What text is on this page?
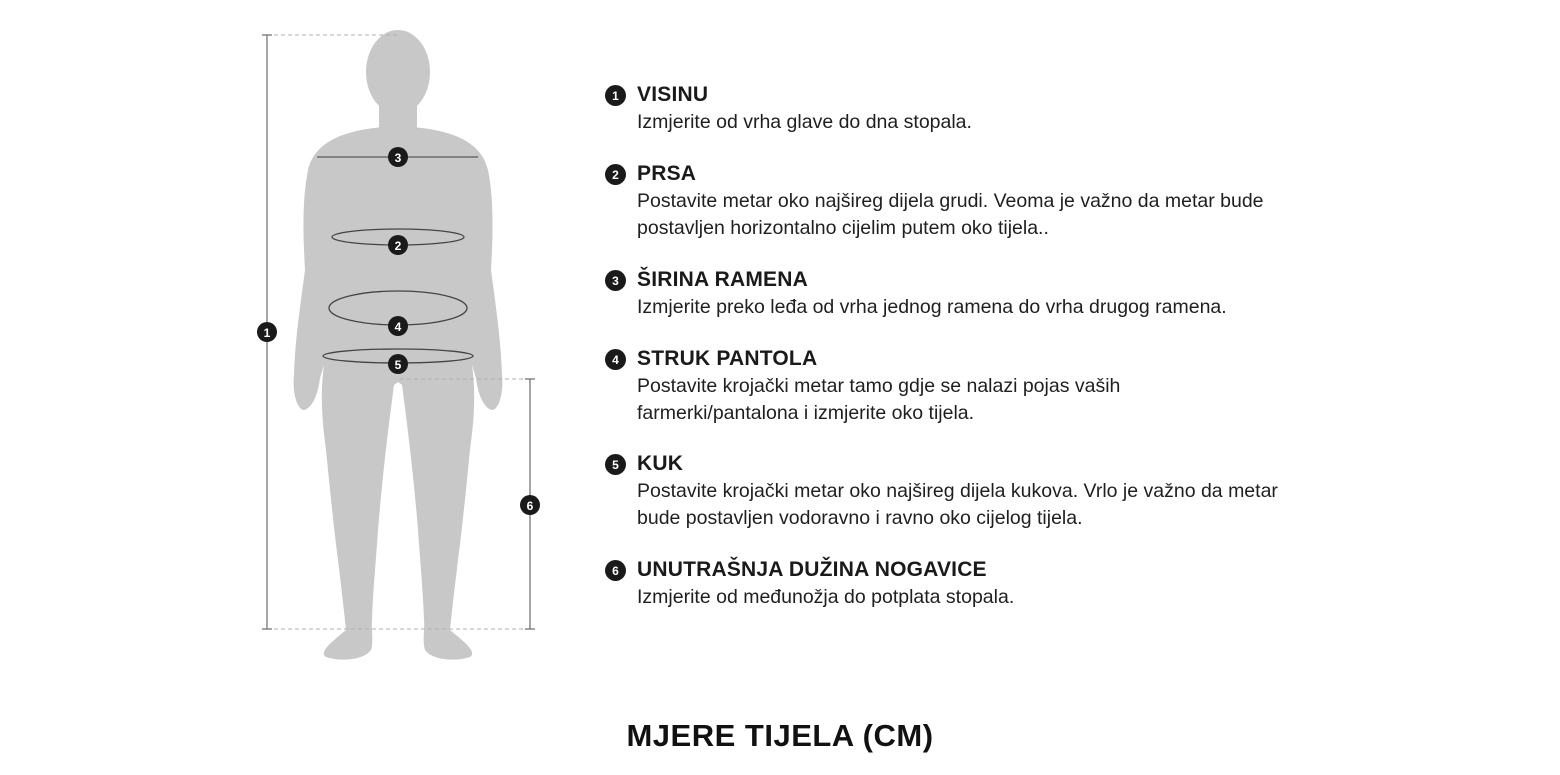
1
2
3
4
5
6
1 VISINU
Izmjerite od vrha glave do dna stopala.
2 PRSA
Postavite metar oko najšireg dijela grudi. Veoma je važno da metar bude postavljen horizontalno cijelim putem oko tijela..
3 ŠIRINA RAMENA
Izmjerite preko leđa od vrha jednog ramena do vrha drugog ramena.
4 STRUK PANTOLA
Postavite krojački metar tamo gdje se nalazi pojas vaših farmerki/pantalona i izmjerite oko tijela.
5 KUK
Postavite krojački metar oko najšireg dijela kukova. Vrlo je važno da metar bude postavljen vodoravno i ravno oko cijelog tijela.
6 UNUTRAŠNJA DUŽINA NOGAVICE
Izmjerite od međunožja do potplata stopala.
MJERE TIJELA (CM)
